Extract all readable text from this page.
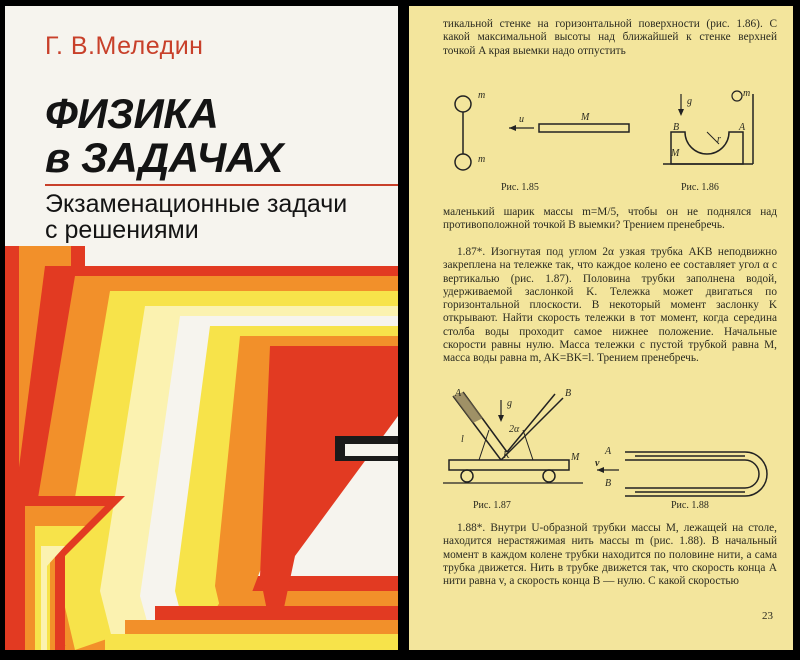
Г. В.Меледин
ФИЗИКА
в ЗАДАЧАХ
Экзаменационные задачи
с решениями
тикальной стенке на горизонтальной поверхности (рис. 1.86). С какой максимальной высоты над ближайшей к стенке верхней точкой A края выемки надо отпустить
m
m
u	M
Рис. 1.85
g
m
B	A
r
M
Рис. 1.86
маленький шарик массы m=M/5, чтобы он не поднялся над противоположной точкой B выемки? Трением пренебречь.
1.87*. Изогнутая под углом 2α узкая трубка AKB неподвижно закреплена на тележке так, что каждое колено ее составляет угол α с вертикалью (рис. 1.87). Половина трубки заполнена водой, удерживаемой заслонкой K. Тележка может двигаться по горизонтальной плоскости. В некоторый момент заслонку K открывают. Найти скорость тележки в тот момент, когда середина столба воды проходит самое нижнее положение. Начальные скорости равны нулю. Масса тележки с пустой трубкой равна M, масса воды равна m, AK=BK=l. Трением пренебречь.
A	B
g
2α
l
K	M
Рис. 1.87
A
v
B
Рис. 1.88
1.88*. Внутри U-образной трубки массы M, лежащей на столе, находится нерастяжимая нить массы m (рис. 1.88). В начальный момент в каждом колене трубки находится по половине нити, а сама трубка движется. Нить в трубке движется так, что скорость конца A нити равна v, а скорость конца B — нулю. С какой скоростью
23
